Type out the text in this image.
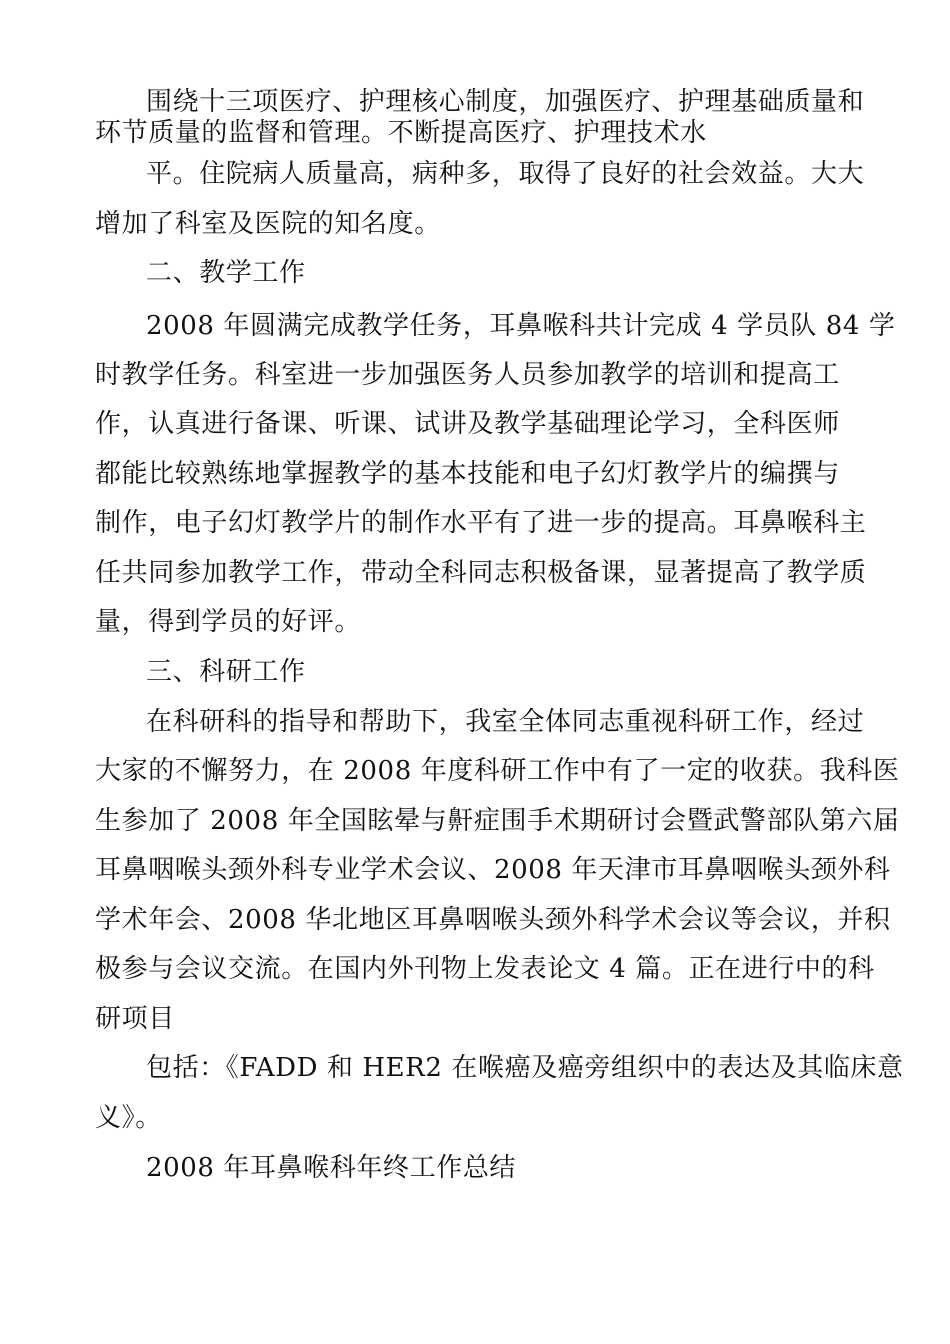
围绕十三项医疗、护理核心制度，加强医疗、护理基础质量和
环节质量的监督和管理。不断提高医疗、护理技术水
平。住院病人质量高，病种多，取得了良好的社会效益。大大
增加了科室及医院的知名度。
二、教学工作
2008 年圆满完成教学任务，耳鼻喉科共计完成 4 学员队 84 学
时教学任务。科室进一步加强医务人员参加教学的培训和提高工
作，认真进行备课、听课、试讲及教学基础理论学习，全科医师
都能比较熟练地掌握教学的基本技能和电子幻灯教学片的编撰与
制作，电子幻灯教学片的制作水平有了进一步的提高。耳鼻喉科主
任共同参加教学工作，带动全科同志积极备课，显著提高了教学质
量，得到学员的好评。
三、科研工作
在科研科的指导和帮助下，我室全体同志重视科研工作，经过
大家的不懈努力，在 2008 年度科研工作中有了一定的收获。我科医
生参加了 2008 年全国眩晕与鼾症围手术期研讨会暨武警部队第六届
耳鼻咽喉头颈外科专业学术会议、2008 年天津市耳鼻咽喉头颈外科
学术年会、2008 华北地区耳鼻咽喉头颈外科学术会议等会议，并积
极参与会议交流。在国内外刊物上发表论文 4 篇。正在进行中的科
研项目
包括：《FADD 和 HER2 在喉癌及癌旁组织中的表达及其临床意
义》。
2008 年耳鼻喉科年终工作总结
